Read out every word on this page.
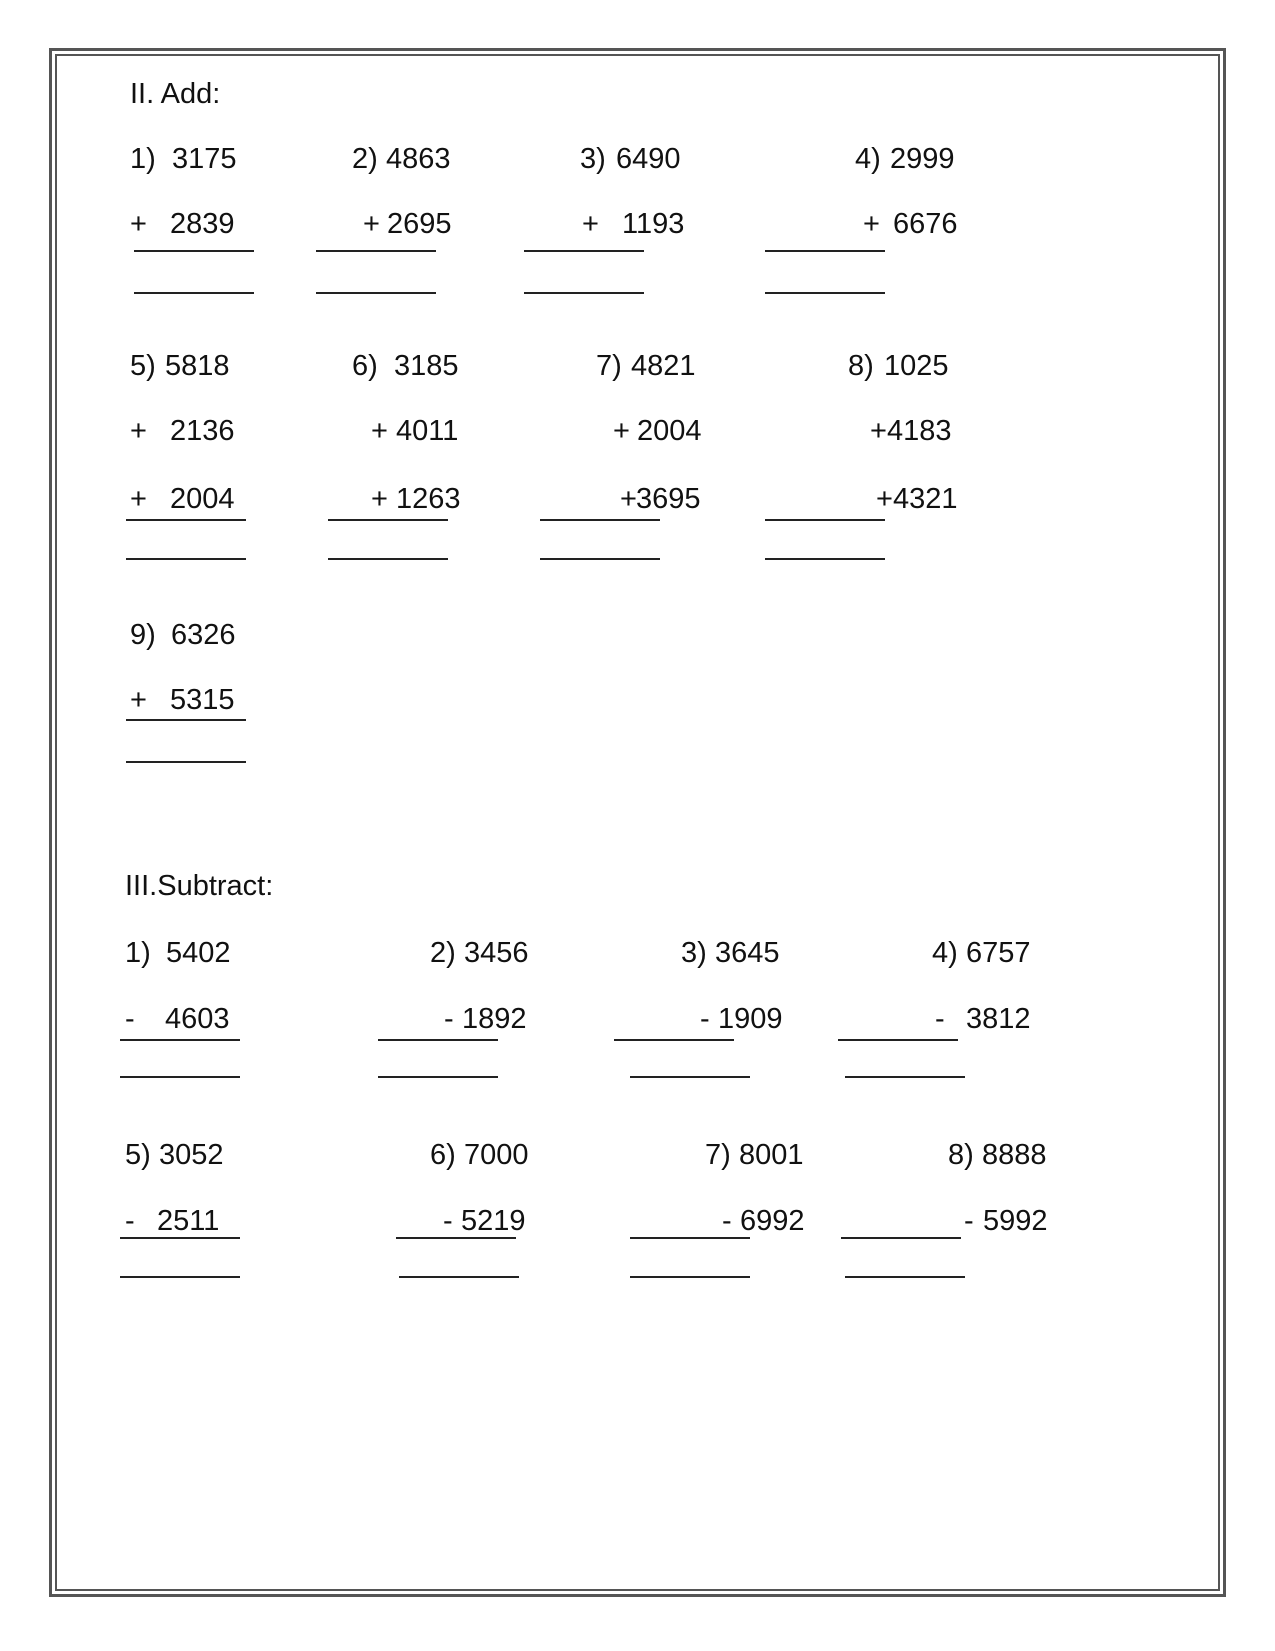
II. Add:
1) 3175
+ 2839
2) 4863
+ 2695
3) 6490
+ 1193
4) 2999
+ 6676
5) 5818
+ 2136
+ 2004
6) 3185
+ 4011
+ 1263
7) 4821
+ 2004
+ 3695
8) 1025
+ 4183
+ 4321
9) 6326
+ 5315
III.Subtract:
1) 5402
- 4603
2) 3456
- 1892
3) 3645
- 1909
4) 6757
- 3812
5) 3052
- 2511
6) 7000
- 5219
7) 8001
- 6992
8) 8888
- 5992
